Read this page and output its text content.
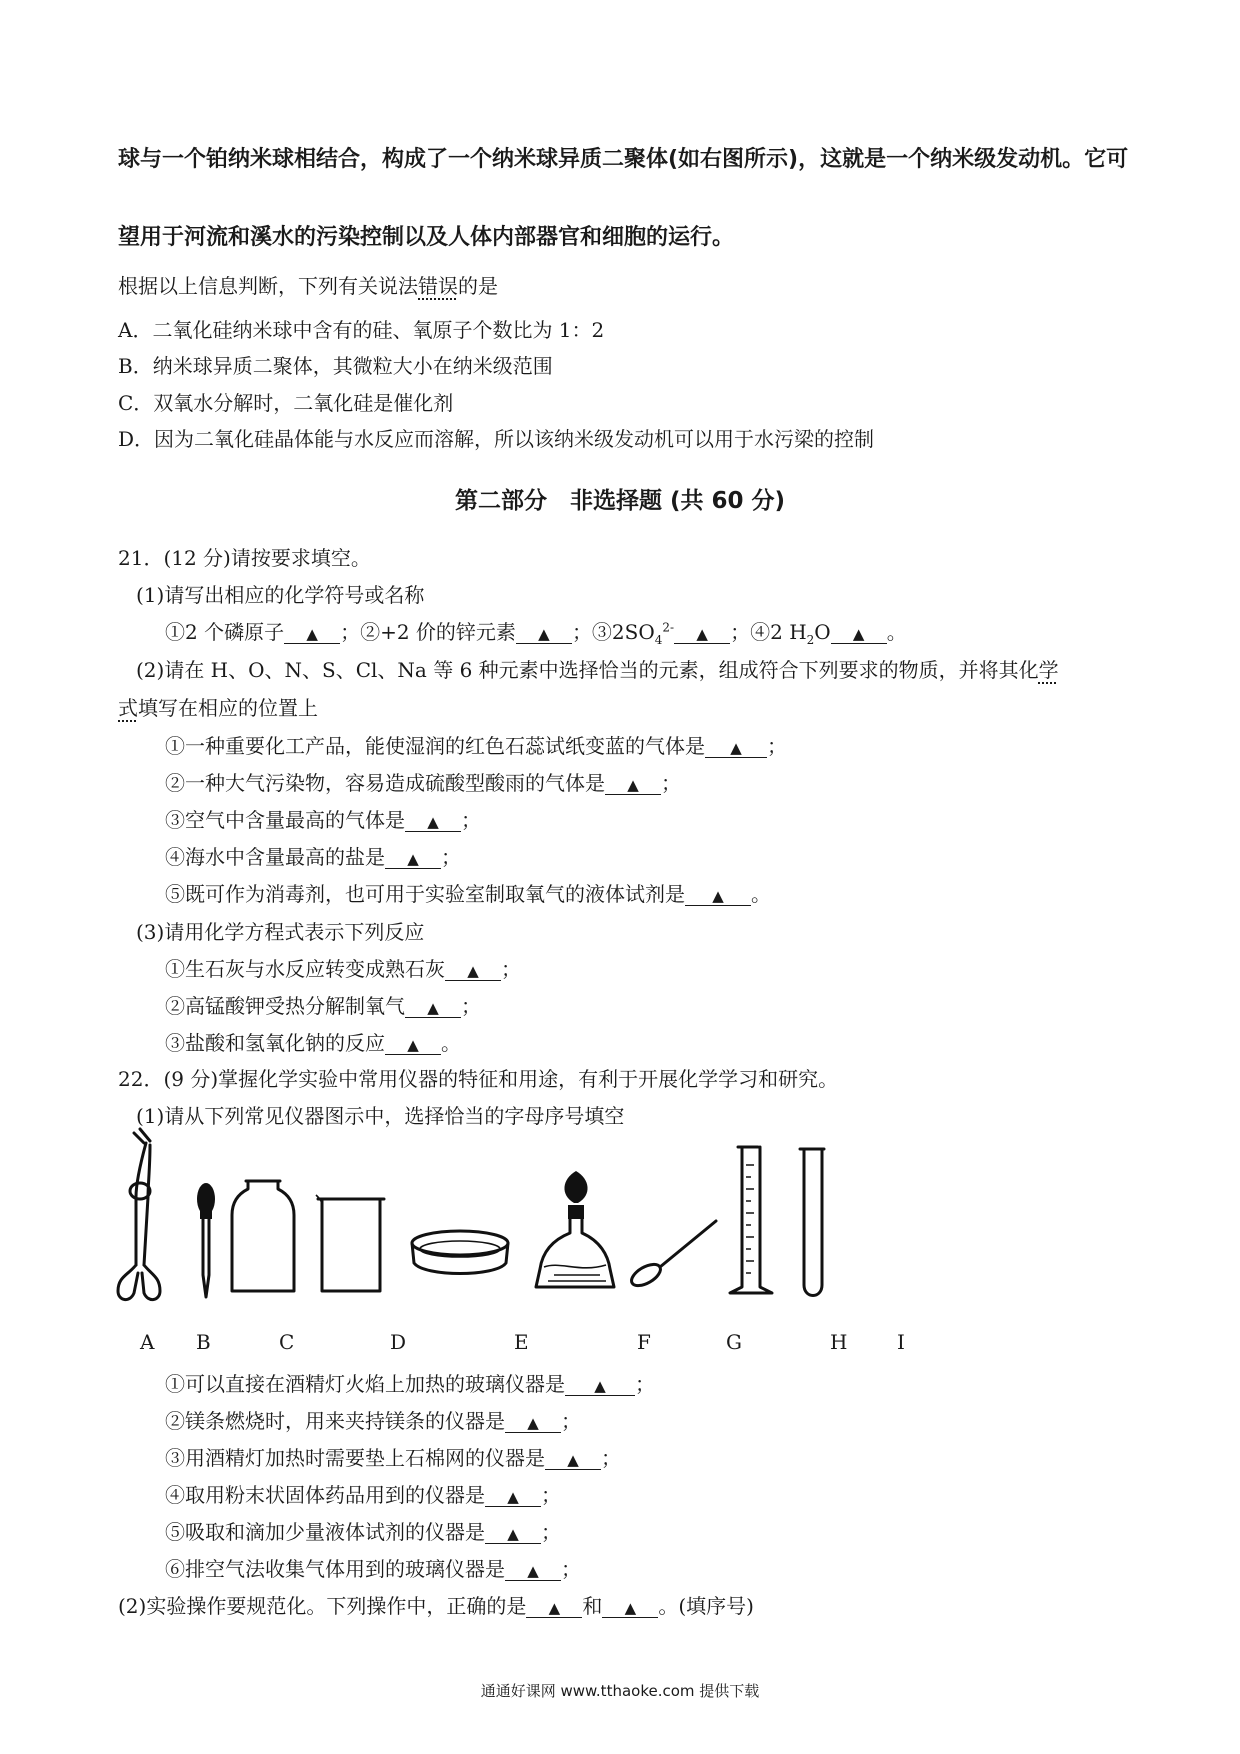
球与一个铂纳米球相结合，构成了一个纳米球异质二聚体(如右图所示)，这就是一个纳米级发动机。它可
望用于河流和溪水的污染控制以及人体内部器官和细胞的运行。
根据以上信息判断，下列有关说法错误的是
A．二氧化硅纳米球中含有的硅、氧原子个数比为 1：2
B．纳米球异质二聚体，其微粒大小在纳米级范围
C．双氧水分解时，二氧化硅是催化剂
D．因为二氧化硅晶体能与水反应而溶解，所以该纳米级发动机可以用于水污梁的控制
第二部分　非选择题 (共 60 分)
21．(12 分)请按要求填空。
(1)请写出相应的化学符号或名称
①2 个磷原子 ▲ ；②+2 价的锌元素 ▲ ；$③2SO_4^{2-}$ ▲ ；④2 $H_2O$ ▲ 。
(2)请在 H、O、N、S、Cl、Na 等 6 种元素中选择恰当的元素，组成符合下列要求的物质，并将其化学
式填写在相应的位置上
①一种重要化工产品，能使湿润的红色石蕊试纸变蓝的气体是 ▲ ；
②一种大气污染物，容易造成硫酸型酸雨的气体是 ▲ ；
③空气中含量最高的气体是 ▲ ；
④海水中含量最高的盐是 ▲ ；
⑤既可作为消毒剂，也可用于实验室制取氧气的液体试剂是 ▲ 。
(3)请用化学方程式表示下列反应
①生石灰与水反应转变成熟石灰 ▲ ；
②高锰酸钾受热分解制氧气 ▲ ；
③盐酸和氢氧化钠的反应 ▲ 。
22．(9 分)掌握化学实验中常用仪器的特征和用途，有利于开展化学学习和研究。
(1)请从下列常见仪器图示中，选择恰当的字母序号填空
A B	C	D	E	F	G	H I
①可以直接在酒精灯火焰上加热的玻璃仪器是 ▲ ；
②镁条燃烧时，用来夹持镁条的仪器是 ▲ ；
③用酒精灯加热时需要垫上石棉网的仪器是 ▲ ；
④取用粉末状固体药品用到的仪器是 ▲ ；
⑤吸取和滴加少量液体试剂的仪器是 ▲ ；
⑥排空气法收集气体用到的玻璃仪器是 ▲ ；
(2)实验操作要规范化。下列操作中，正确的是 ▲ 和 ▲ 。(填序号)
通通好课网 www.tthaoke.com 提供下载
